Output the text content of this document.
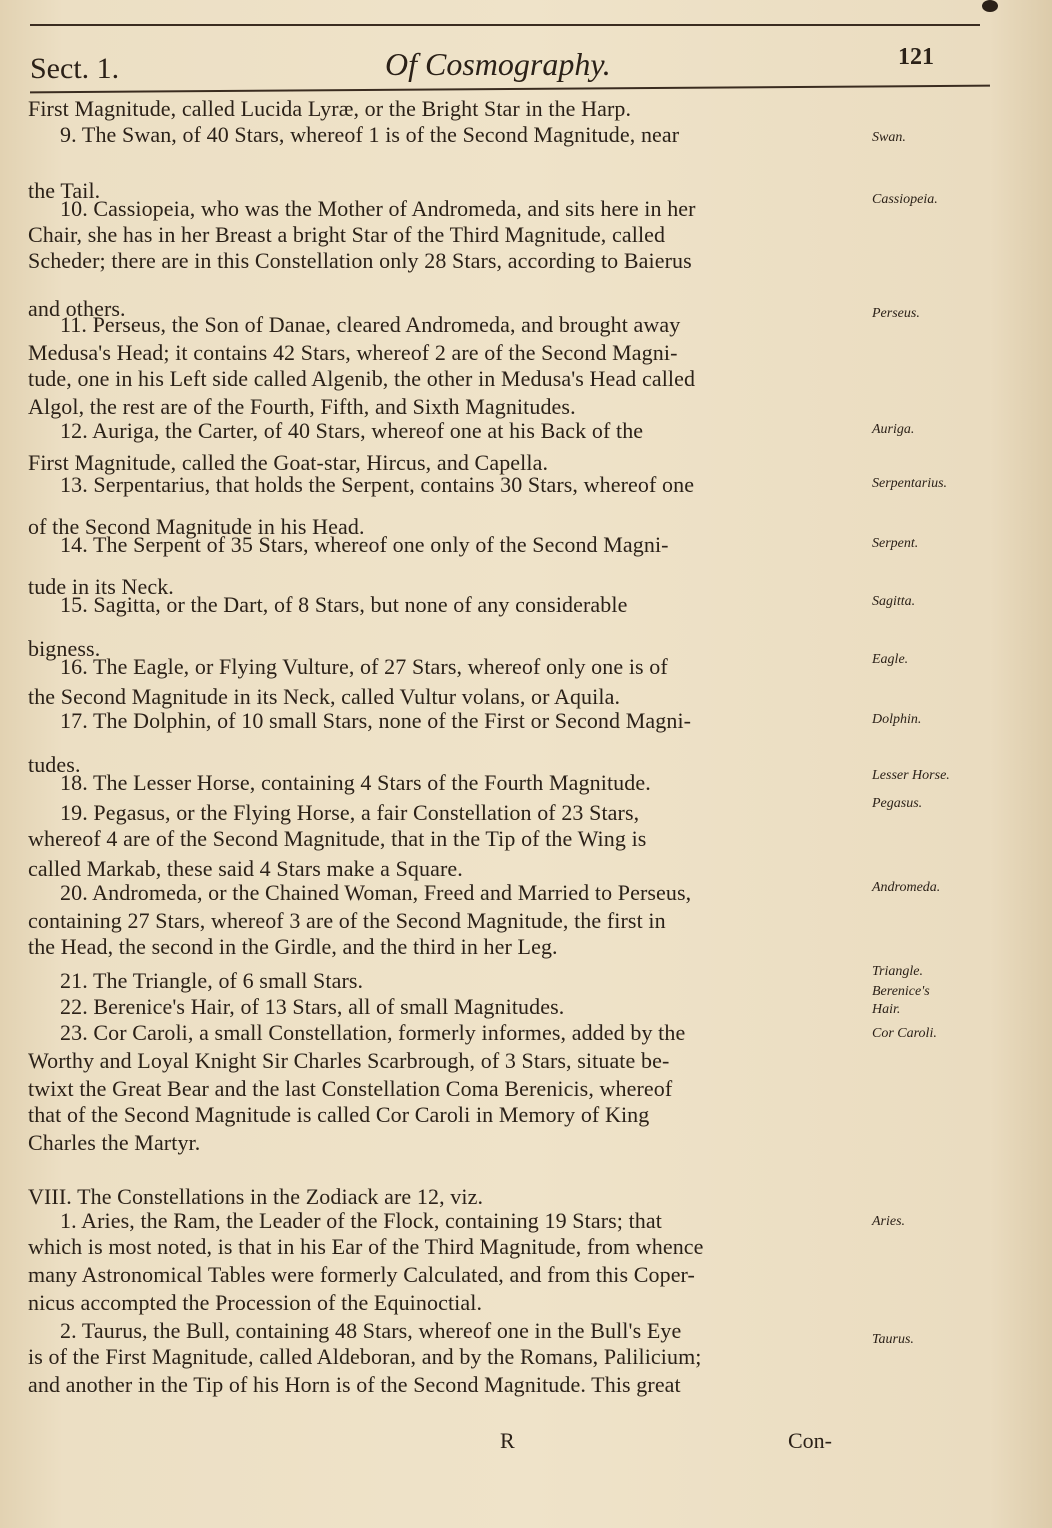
Sect. 1.	Of Cosmography.	121
First Magnitude, called Lucida Lyræ, or the Bright Star in the Harp.
9. The Swan, of 40 Stars, whereof 1 is of the Second Magnitude, near
the Tail.
10. Cassiopeia, who was the Mother of Andromeda, and sits here in her
Chair, she has in her Breast a bright Star of the Third Magnitude, called
Scheder; there are in this Constellation only 28 Stars, according to Baierus
and others.
11. Perseus, the Son of Danae, cleared Andromeda, and brought away
Medusa's Head; it contains 42 Stars, whereof 2 are of the Second Magni-
tude, one in his Left side called Algenib, the other in Medusa's Head called
Algol, the rest are of the Fourth, Fifth, and Sixth Magnitudes.
12. Auriga, the Carter, of 40 Stars, whereof one at his Back of the
First Magnitude, called the Goat-star, Hircus, and Capella.
13. Serpentarius, that holds the Serpent, contains 30 Stars, whereof one
of the Second Magnitude in his Head.
14. The Serpent of 35 Stars, whereof one only of the Second Magni-
tude in its Neck.
15. Sagitta, or the Dart, of 8 Stars, but none of any considerable
bigness.
16. The Eagle, or Flying Vulture, of 27 Stars, whereof only one is of
the Second Magnitude in its Neck, called Vultur volans, or Aquila.
17. The Dolphin, of 10 small Stars, none of the First or Second Magni-
tudes.
18. The Lesser Horse, containing 4 Stars of the Fourth Magnitude.
19. Pegasus, or the Flying Horse, a fair Constellation of 23 Stars,
whereof 4 are of the Second Magnitude, that in the Tip of the Wing is
called Markab, these said 4 Stars make a Square.
20. Andromeda, or the Chained Woman, Freed and Married to Perseus,
containing 27 Stars, whereof 3 are of the Second Magnitude, the first in
the Head, the second in the Girdle, and the third in her Leg.
21. The Triangle, of 6 small Stars.
22. Berenice's Hair, of 13 Stars, all of small Magnitudes.
23. Cor Caroli, a small Constellation, formerly informes, added by the
Worthy and Loyal Knight Sir Charles Scarbrough, of 3 Stars, situate be-
twixt the Great Bear and the last Constellation Coma Berenicis, whereof
that of the Second Magnitude is called Cor Caroli in Memory of King
Charles the Martyr.
VIII. The Constellations in the Zodiack are 12, viz.
1. Aries, the Ram, the Leader of the Flock, containing 19 Stars; that
which is most noted, is that in his Ear of the Third Magnitude, from whence
many Astronomical Tables were formerly Calculated, and from this Coper-
nicus accompted the Procession of the Equinoctial.
2. Taurus, the Bull, containing 48 Stars, whereof one in the Bull's Eye
is of the First Magnitude, called Aldeboran, and by the Romans, Palilicium;
and another in the Tip of his Horn is of the Second Magnitude. This great
Swan.
Cassiopeia.
Perseus.
Auriga.
Serpentarius.
Serpent.
Sagitta.
Eagle.
Dolphin.
Lesser Horse.
Pegasus.
Andromeda.
Triangle.
Berenice's
Hair.
Cor Caroli.
Aries.
Taurus.
R	Con-
